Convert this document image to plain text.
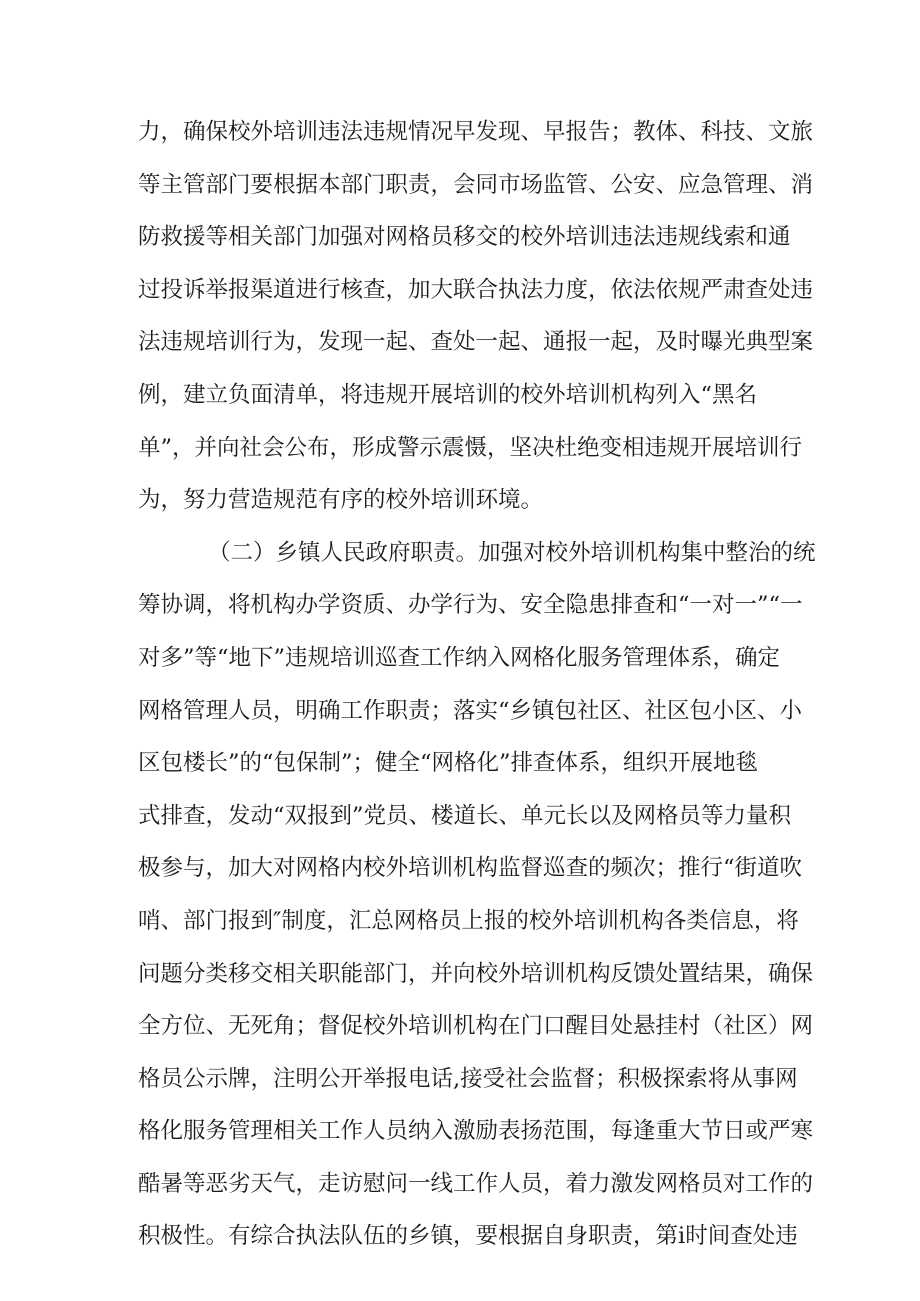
力，确保校外培训违法违规情况早发现、早报告；教体、科技、文旅
等主管部门要根据本部门职责，会同市场监管、公安、应急管理、消
防救援等相关部门加强对网格员移交的校外培训违法违规线索和通
过投诉举报渠道进行核查，加大联合执法力度，依法依规严肃查处违
法违规培训行为，发现一起、查处一起、通报一起，及时曝光典型案
例，建立负面清单，将违规开展培训的校外培训机构列入“黑名
单”，并向社会公布，形成警示震慑，坚决杜绝变相违规开展培训行
为，努力营造规范有序的校外培训环境。
（二）乡镇人民政府职责。加强对校外培训机构集中整治的统
筹协调，将机构办学资质、办学行为、安全隐患排查和“一对一”“一
对多”等“地下”违规培训巡查工作纳入网格化服务管理体系，确定
网格管理人员，明确工作职责；落实“乡镇包社区、社区包小区、小
区包楼长”的“包保制”；健全“网格化”排查体系，组织开展地毯
式排查，发动“双报到”党员、楼道长、单元长以及网格员等力量积
极参与，加大对网格内校外培训机构监督巡查的频次；推行“街道吹
哨、部门报到″制度，汇总网格员上报的校外培训机构各类信息，将
问题分类移交相关职能部门，并向校外培训机构反馈处置结果，确保
全方位、无死角；督促校外培训机构在门口醒目处悬挂村（社区）网
格员公示牌，注明公开举报电话,接受社会监督；积极探索将从事网
格化服务管理相关工作人员纳入激励表扬范围，每逢重大节日或严寒
酷暑等恶劣天气，走访慰问一线工作人员，着力激发网格员对工作的
积极性。有综合执法队伍的乡镇，要根据自身职责，第i时间查处违
